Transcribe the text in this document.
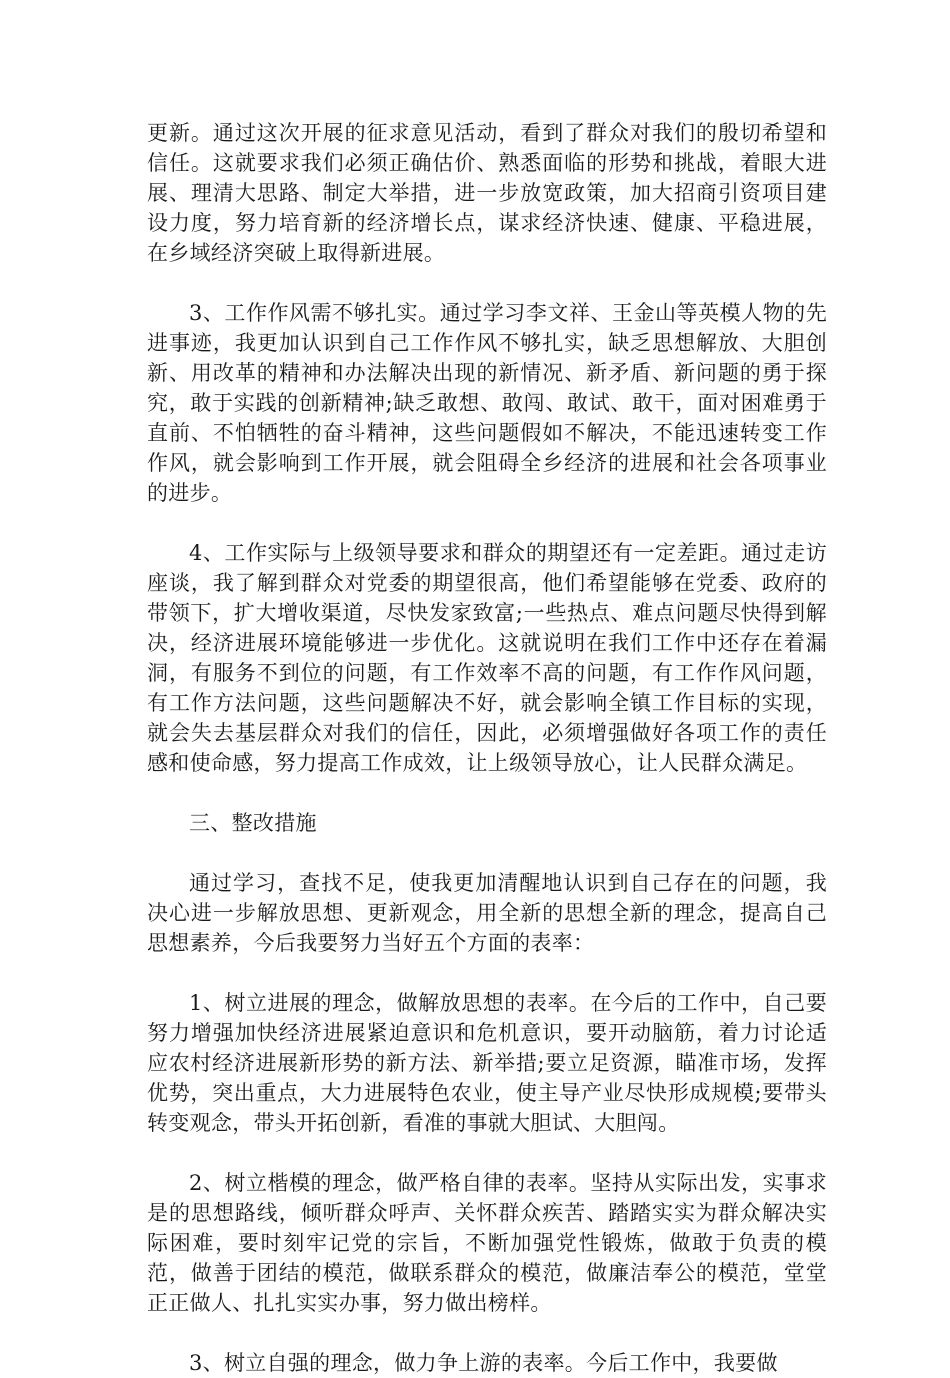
更新。通过这次开展的征求意见活动，看到了群众对我们的殷切希望和信任。这就要求我们必须正确估价、熟悉面临的形势和挑战，着眼大进展、理清大思路、制定大举措，进一步放宽政策，加大招商引资项目建设力度，努力培育新的经济增长点，谋求经济快速、健康、平稳进展，在乡域经济突破上取得新进展。

3、工作作风需不够扎实。通过学习李文祥、王金山等英模人物的先进事迹，我更加认识到自己工作作风不够扎实，缺乏思想解放、大胆创新、用改革的精神和办法解决出现的新情况、新矛盾、新问题的勇于探究，敢于实践的创新精神;缺乏敢想、敢闯、敢试、敢干，面对困难勇于直前、不怕牺牲的奋斗精神，这些问题假如不解决，不能迅速转变工作作风，就会影响到工作开展，就会阻碍全乡经济的进展和社会各项事业的进步。

4、工作实际与上级领导要求和群众的期望还有一定差距。通过走访座谈，我了解到群众对党委的期望很高，他们希望能够在党委、政府的带领下，扩大增收渠道，尽快发家致富;一些热点、难点问题尽快得到解决，经济进展环境能够进一步优化。这就说明在我们工作中还存在着漏洞，有服务不到位的问题，有工作效率不高的问题，有工作作风问题，有工作方法问题，这些问题解决不好，就会影响全镇工作目标的实现，就会失去基层群众对我们的信任，因此，必须增强做好各项工作的责任感和使命感，努力提高工作成效，让上级领导放心，让人民群众满足。

三、整改措施

通过学习，查找不足，使我更加清醒地认识到自己存在的问题，我决心进一步解放思想、更新观念，用全新的思想全新的理念，提高自己思想素养，今后我要努力当好五个方面的表率：

1、树立进展的理念，做解放思想的表率。在今后的工作中，自己要努力增强加快经济进展紧迫意识和危机意识，要开动脑筋，着力讨论适应农村经济进展新形势的新方法、新举措;要立足资源，瞄准市场，发挥优势，突出重点，大力进展特色农业，使主导产业尽快形成规模;要带头转变观念，带头开拓创新，看准的事就大胆试、大胆闯。

2、树立楷模的理念，做严格自律的表率。坚持从实际出发，实事求是的思想路线，倾听群众呼声、关怀群众疾苦、踏踏实实为群众解决实际困难，要时刻牢记党的宗旨，不断加强党性锻炼，做敢于负责的模范，做善于团结的模范，做联系群众的模范，做廉洁奉公的模范，堂堂正正做人、扎扎实实办事，努力做出榜样。

3、树立自强的理念，做力争上游的表率。今后工作中，我要做
